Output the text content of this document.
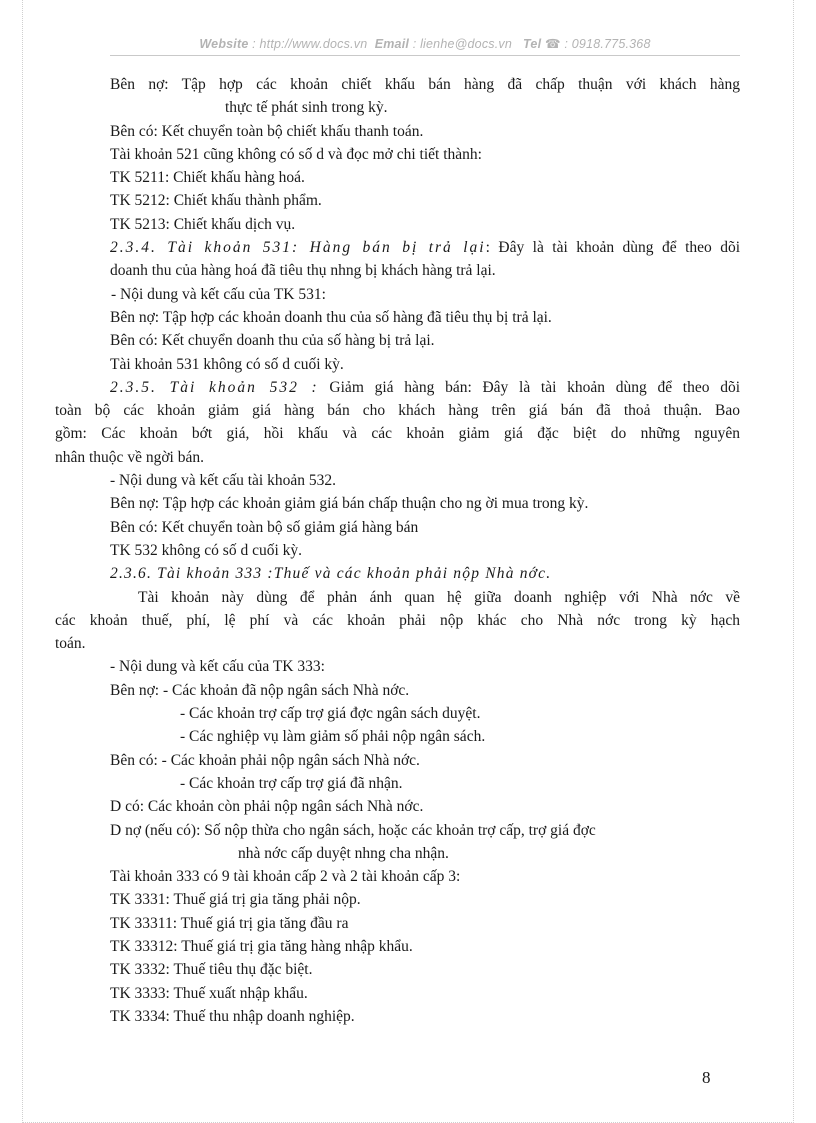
Website : http://www.docs.vn Email : lienhe@docs.vn Tel ☎ : 0918.775.368
Bên nợ: Tập hợp các khoản chiết khấu bán hàng đã chấp thuận với khách hàng
thực tế phát sinh trong kỳ.
Bên có: Kết chuyển toàn bộ chiết khấu thanh toán.
Tài khoản 521 cũng không có số d và đọc mở chi tiết thành:
TK 5211: Chiết khấu hàng hoá.
TK 5212: Chiết khấu thành phẩm.
TK 5213: Chiết khấu dịch vụ.
2.3.4. Tài khoản 531: Hàng bán bị trả lại: Đây là tài khoản dùng để theo dõi
doanh thu của hàng hoá đã tiêu thụ nhng bị khách hàng trả lại.
- Nội dung và kết cấu của TK 531:
Bên nợ: Tập hợp các khoản doanh thu của số hàng đã tiêu thụ bị trả lại.
Bên có: Kết chuyển doanh thu của số hàng bị trả lại.
Tài khoản 531 không có số d cuối kỳ.
2.3.5. Tài khoản 532 : Giảm giá hàng bán: Đây là tài khoản dùng để theo dõi
toàn bộ các khoản giảm giá hàng bán cho khách hàng trên giá bán đã thoả thuận. Bao
gồm: Các khoản bớt giá, hồi khấu và các khoản giảm giá đặc biệt do những nguyên
nhân thuộc về ngời bán.
- Nội dung và kết cấu tài khoản 532.
Bên nợ: Tập hợp các khoản giảm giá bán chấp thuận cho ng ời mua trong kỳ.
Bên có: Kết chuyển toàn bộ số giảm giá hàng bán
TK 532 không có số d cuối kỳ.
2.3.6. Tài khoản 333 :Thuế và các khoản phải nộp Nhà nớc.
Tài khoản này dùng để phản ánh quan hệ giữa doanh nghiệp với Nhà nớc về
các khoản thuế, phí, lệ phí và các khoản phải nộp khác cho Nhà nớc trong kỳ hạch
toán.
- Nội dung và kết cấu của TK 333:
Bên nợ: - Các khoản đã nộp ngân sách Nhà nớc.
- Các khoản trợ cấp trợ giá đợc ngân sách duyệt.
- Các nghiệp vụ làm giảm số phải nộp ngân sách.
Bên có: - Các khoản phải nộp ngân sách Nhà nớc.
- Các khoản trợ cấp trợ giá đã nhận.
D có: Các khoản còn phải nộp ngân sách Nhà nớc.
D nợ (nếu có): Số nộp thừa cho ngân sách, hoặc các khoản trợ cấp, trợ giá đợc
nhà nớc cấp duyệt nhng cha nhận.
Tài khoản 333 có 9 tài khoản cấp 2 và 2 tài khoản cấp 3:
TK 3331: Thuế giá trị gia tăng phải nộp.
TK 33311: Thuế giá trị gia tăng đầu ra
TK 33312: Thuế giá trị gia tăng hàng nhập khẩu.
TK 3332: Thuế tiêu thụ đặc biệt.
TK 3333: Thuế xuất nhập khẩu.
TK 3334: Thuế thu nhập doanh nghiệp.
8
